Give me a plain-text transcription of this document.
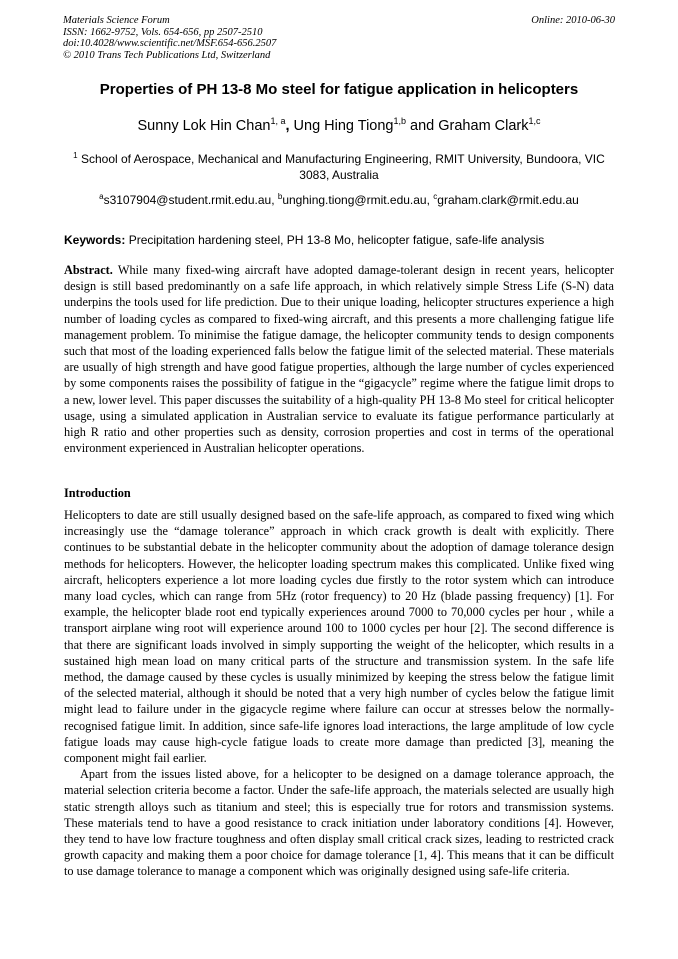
Materials Science Forum
ISSN: 1662-9752, Vols. 654-656, pp 2507-2510
doi:10.4028/www.scientific.net/MSF.654-656.2507
© 2010 Trans Tech Publications Ltd, Switzerland
Online: 2010-06-30
Properties of PH 13-8 Mo steel for fatigue application in helicopters
Sunny Lok Hin Chan$^{1, a}$, Ung Hing Tiong$^{1,b}$ and Graham Clark$^{1,c}$
$^1$ School of Aerospace, Mechanical and Manufacturing Engineering, RMIT University, Bundoora, VIC 3083, Australia
$^a$s3107904@student.rmit.edu.au, $^b$unghing.tiong@rmit.edu.au, $^c$graham.clark@rmit.edu.au
Keywords: Precipitation hardening steel, PH 13-8 Mo, helicopter fatigue, safe-life analysis
Abstract. While many fixed-wing aircraft have adopted damage-tolerant design in recent years, helicopter design is still based predominantly on a safe life approach, in which relatively simple Stress Life (S-N) data underpins the tools used for life prediction. Due to their unique loading, helicopter structures experience a high number of loading cycles as compared to fixed-wing aircraft, and this presents a more challenging fatigue life management problem. To minimise the fatigue damage, the helicopter community tends to design components such that most of the loading experienced falls below the fatigue limit of the selected material. These materials are usually of high strength and have good fatigue properties, although the large number of cycles experienced by some components raises the possibility of fatigue in the “gigacycle” regime where the fatigue limit drops to a new, lower level. This paper discusses the suitability of a high-quality PH 13-8 Mo steel for critical helicopter usage, using a simulated application in Australian service to evaluate its fatigue performance particularly at high R ratio and other properties such as density, corrosion properties and cost in terms of the operational environment experienced in Australian helicopter operations.
Introduction

Helicopters to date are still usually designed based on the safe-life approach, as compared to fixed wing which increasingly use the “damage tolerance” approach in which crack growth is dealt with explicitly. There continues to be substantial debate in the helicopter community about the adoption of damage tolerance design methods for helicopters. However, the helicopter loading spectrum makes this complicated. Unlike fixed wing aircraft, helicopters experience a lot more loading cycles due firstly to the rotor system which can introduce many load cycles, which can range from 5Hz (rotor frequency) to 20 Hz (blade passing frequency) [1]. For example, the helicopter blade root end typically experiences around 7000 to 70,000 cycles per hour , while a transport airplane wing root will experience around 100 to 1000 cycles per hour [2]. The second difference is that there are significant loads involved in simply supporting the weight of the helicopter, which results in a sustained high mean load on many critical parts of the structure and transmission system. In the safe life method, the damage caused by these cycles is usually minimized by keeping the stress below the fatigue limit of the selected material, although it should be noted that a very high number of cycles below the fatigue limit might lead to failure under in the gigacycle regime where failure can occur at stresses below the normally-recognised fatigue limit. In addition, since safe-life ignores load interactions, the large amplitude of low cycle fatigue loads may cause high-cycle fatigue loads to create more damage than predicted [3], meaning the component might fail earlier.

Apart from the issues listed above, for a helicopter to be designed on a damage tolerance approach, the material selection criteria become a factor. Under the safe-life approach, the materials selected are usually high static strength alloys such as titanium and steel; this is especially true for rotors and transmission systems. These materials tend to have a good resistance to crack initiation under laboratory conditions [4]. However, they tend to have low fracture toughness and often display small critical crack sizes, leading to restricted crack growth capacity and making them a poor choice for damage tolerance [1, 4]. This means that it can be difficult to use damage tolerance to manage a component which was originally designed using safe-life criteria.
